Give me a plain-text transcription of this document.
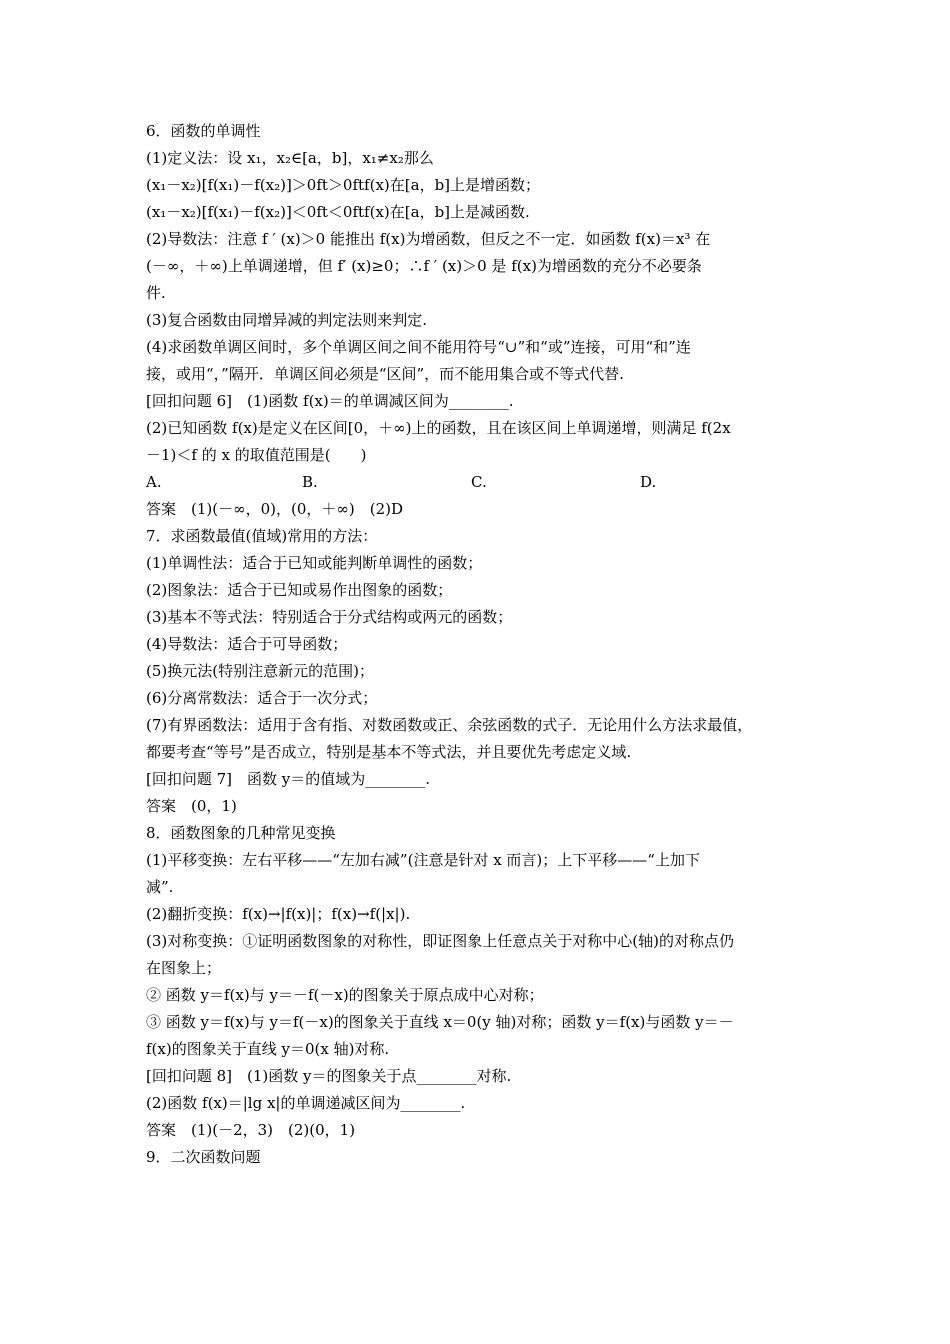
6．函数的单调性
(1)定义法：设 x₁，x₂∈[a，b]，x₁≠x₂那么
(x₁－x₂)[f(x₁)－f(x₂)]＞0ft＞0ftf(x)在[a，b]上是增函数；
(x₁－x₂)[f(x₁)－f(x₂)]＜0ft＜0ftf(x)在[a，b]上是减函数.
(2)导数法：注意 f ′ (x)＞0 能推出 f(x)为增函数，但反之不一定．如函数 f(x)＝x³ 在
(－∞，＋∞)上单调递增，但 f′ (x)≥0；∴f ′ (x)＞0 是 f(x)为增函数的充分不必要条
件.
(3)复合函数由同增异减的判定法则来判定.
(4)求函数单调区间时，多个单调区间之间不能用符号“∪”和“或”连接，可用“和”连
接，或用“，”隔开．单调区间必须是“区间”，而不能用集合或不等式代替.
[回扣问题 6]　(1)函数 f(x)＝的单调减区间为________.
(2)已知函数 f(x)是定义在区间[0，＋∞)上的函数，且在该区间上单调递增，则满足 f(2x
－1)＜f 的 x 的取值范围是(　　)
A.	B.	C.	D.
答案　(1)(－∞，0)，(0，＋∞)　(2)D
7．求函数最值(值域)常用的方法：
(1)单调性法：适合于已知或能判断单调性的函数；
(2)图象法：适合于已知或易作出图象的函数；
(3)基本不等式法：特别适合于分式结构或两元的函数；
(4)导数法：适合于可导函数；
(5)换元法(特别注意新元的范围)；
(6)分离常数法：适合于一次分式；
(7)有界函数法：适用于含有指、对数函数或正、余弦函数的式子．无论用什么方法求最值，
都要考查“等号”是否成立，特别是基本不等式法，并且要优先考虑定义域.
[回扣问题 7]　函数 y＝的值域为________.
答案　(0，1)
8．函数图象的几种常见变换
(1)平移变换：左右平移——“左加右减”(注意是针对 x 而言)；上下平移——“上加下
减”.
(2)翻折变换：f(x)→|f(x)|；f(x)→f(|x|).
(3)对称变换：①证明函数图象的对称性，即证图象上任意点关于对称中心(轴)的对称点仍
在图象上；
② 函数 y＝f(x)与 y＝－f(－x)的图象关于原点成中心对称；
③ 函数 y＝f(x)与 y＝f(－x)的图象关于直线 x＝0(y 轴)对称；函数 y＝f(x)与函数 y＝－
f(x)的图象关于直线 y＝0(x 轴)对称.
[回扣问题 8]　(1)函数 y＝的图象关于点________对称.
(2)函数 f(x)＝|lg x|的单调递减区间为________.
答案　(1)(－2，3)　(2)(0，1)
9．二次函数问题
